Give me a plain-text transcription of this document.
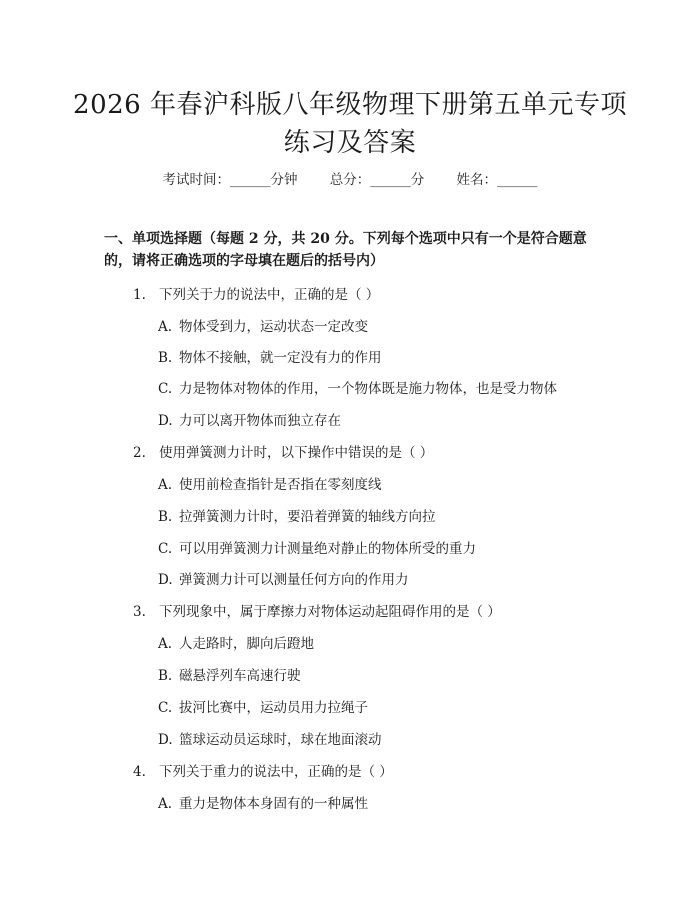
2026 年春沪科版八年级物理下册第五单元专项练习及答案
考试时间：______分钟 总分：______分 姓名：______
一、单项选择题（每题 2 分，共 20 分。下列每个选项中只有一个是符合题意的，请将正确选项的字母填在题后的括号内）
1. 下列关于力的说法中，正确的是（ ）
A. 物体受到力，运动状态一定改变
B. 物体不接触，就一定没有力的作用
C. 力是物体对物体的作用，一个物体既是施力物体，也是受力物体
D. 力可以离开物体而独立存在
2. 使用弹簧测力计时，以下操作中错误的是（ ）
A. 使用前检查指针是否指在零刻度线
B. 拉弹簧测力计时，要沿着弹簧的轴线方向拉
C. 可以用弹簧测力计测量绝对静止的物体所受的重力
D. 弹簧测力计可以测量任何方向的作用力
3. 下列现象中，属于摩擦力对物体运动起阻碍作用的是（ ）
A. 人走路时，脚向后蹬地
B. 磁悬浮列车高速行驶
C. 拔河比赛中，运动员用力拉绳子
D. 篮球运动员运球时，球在地面滚动
4. 下列关于重力的说法中，正确的是（ ）
A. 重力是物体本身固有的一种属性
